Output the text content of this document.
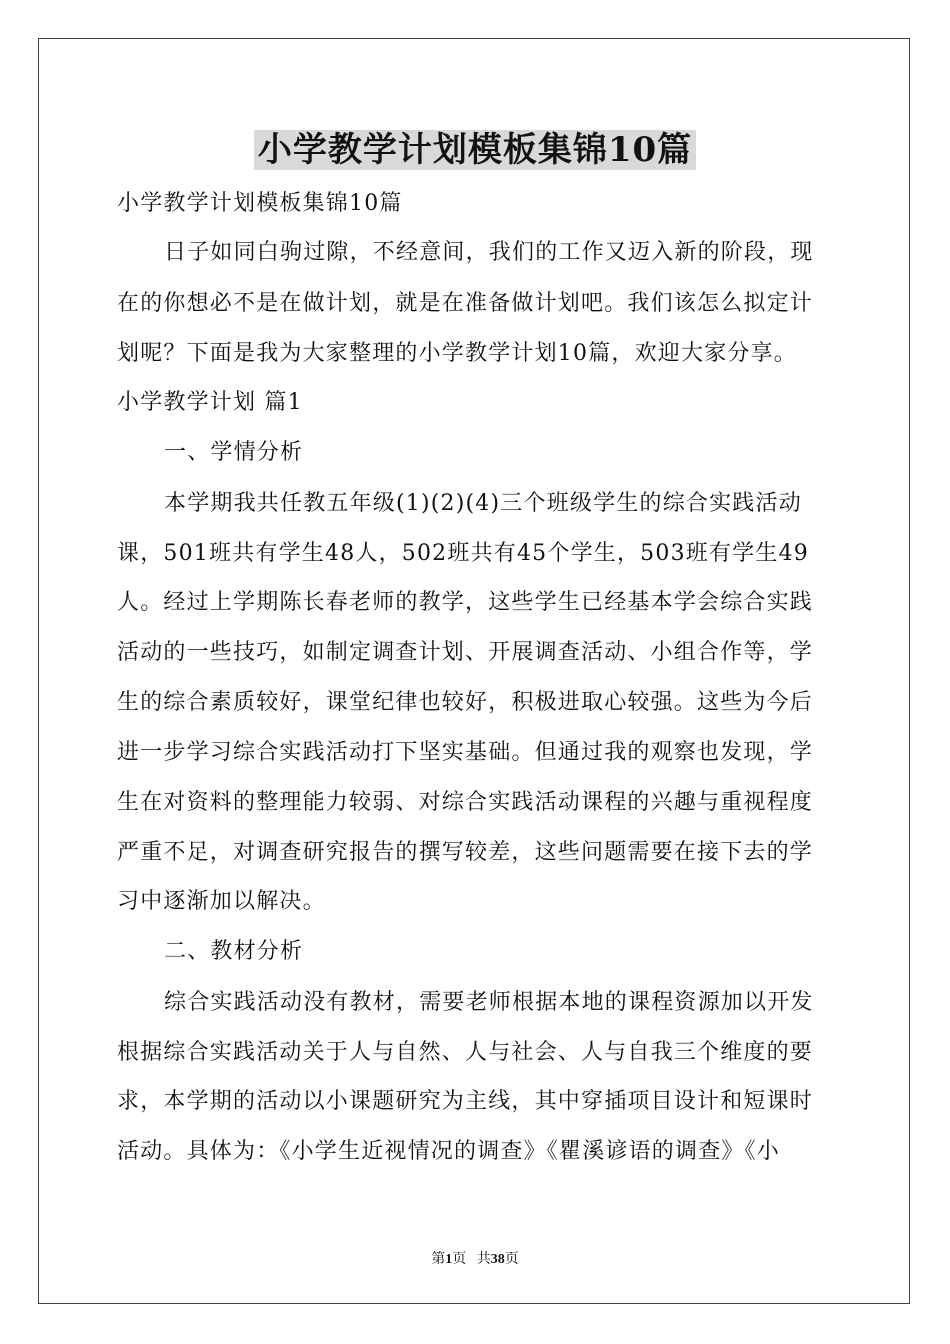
小学教学计划模板集锦10篇
小学教学计划模板集锦10篇
日子如同白驹过隙，不经意间，我们的工作又迈入新的阶段，现
在的你想必不是在做计划，就是在准备做计划吧。我们该怎么拟定计
划呢？下面是我为大家整理的小学教学计划10篇，欢迎大家分享。
小学教学计划 篇1
一、学情分析
本学期我共任教五年级(1)(2)(4)三个班级学生的综合实践活动
课，501班共有学生48人，502班共有45个学生，503班有学生49
人。经过上学期陈长春老师的教学，这些学生已经基本学会综合实践
活动的一些技巧，如制定调查计划、开展调查活动、小组合作等，学
生的综合素质较好，课堂纪律也较好，积极进取心较强。这些为今后
进一步学习综合实践活动打下坚实基础。但通过我的观察也发现，学
生在对资料的整理能力较弱、对综合实践活动课程的兴趣与重视程度
严重不足，对调查研究报告的撰写较差，这些问题需要在接下去的学
习中逐渐加以解决。
二、教材分析
综合实践活动没有教材，需要老师根据本地的课程资源加以开发
根据综合实践活动关于人与自然、人与社会、人与自我三个维度的要
求，本学期的活动以小课题研究为主线，其中穿插项目设计和短课时
活动。具体为：《小学生近视情况的调查》《瞿溪谚语的调查》《小
第1页 共38页
